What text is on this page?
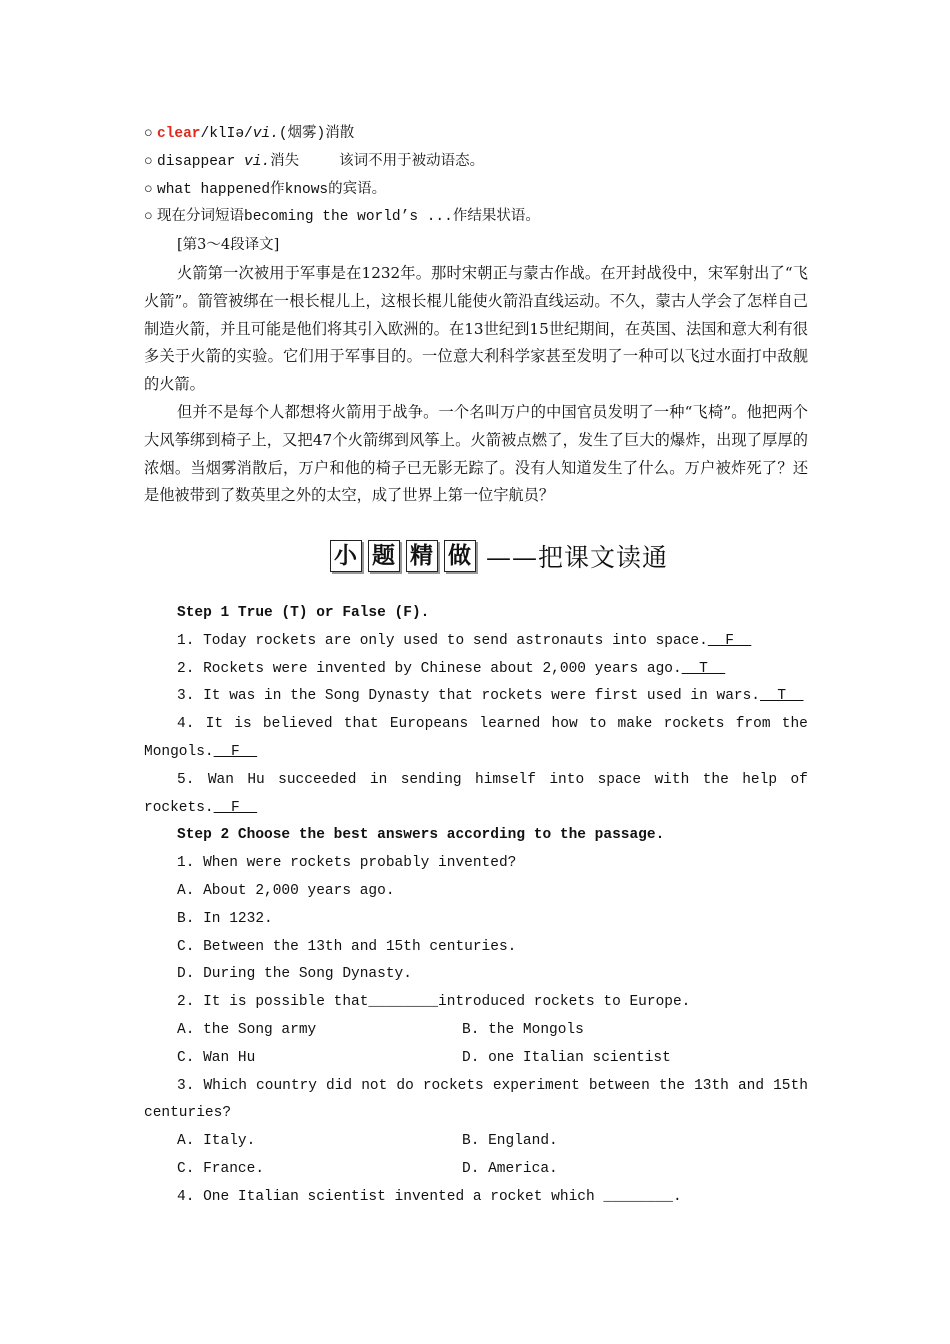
○ clear/klIə/vi.(烟雾)消散
○ disappear vi.消失	该词不用于被动语态。
○ what happened作knows的宾语。
○ 现在分词短语becoming the world’s ...作结果状语。
[第3～4段译文]

火箭第一次被用于军事是在1232年。那时宋朝正与蒙古作战。在开封战役中，宋军射出了“飞火箭”。箭管被绑在一根长棍儿上，这根长棍儿能使火箭沿直线运动。不久，蒙古人学会了怎样自己制造火箭，并且可能是他们将其引入欧洲的。在13世纪到15世纪期间，在英国、法国和意大利有很多关于火箭的实验。它们用于军事目的。一位意大利科学家甚至发明了一种可以飞过水面打中敌舰的火箭。

但并不是每个人都想将火箭用于战争。一个名叫万户的中国官员发明了一种“飞椅”。他把两个大风筝绑到椅子上，又把47个火箭绑到风筝上。火箭被点燃了，发生了巨大的爆炸，出现了厚厚的浓烟。当烟雾消散后，万户和他的椅子已无影无踪了。没有人知道发生了什么。万户被炸死了？还是他被带到了数英里之外的太空，成了世界上第一位宇航员？

小 题 精 做 ——把课文读通
Step 1 True (T) or False (F).
1. Today rockets are only used to send astronauts into space.  F
2. Rockets were invented by Chinese about 2,000 years ago.  T
3. It was in the Song Dynasty that rockets were first used in wars.  T
4. It is believed that Europeans learned how to make rockets from the
Mongols.  F
5. Wan Hu succeeded in sending himself into space with the help of
rockets.  F
Step 2 Choose the best answers according to the passage.
1. When were rockets probably invented?
A. About 2,000 years ago.
B. In 1232.
C. Between the 13th and 15th centuries.
D. During the Song Dynasty.
2. It is possible that________introduced rockets to Europe.
A. the Song army	B. the Mongols
C. Wan Hu	D. one Italian scientist
3. Which country did not do rockets experiment between the 13th and 15th
centuries?
A. Italy.	B. England.
C. France.	D. America.
4. One Italian scientist invented a rocket which ________.
